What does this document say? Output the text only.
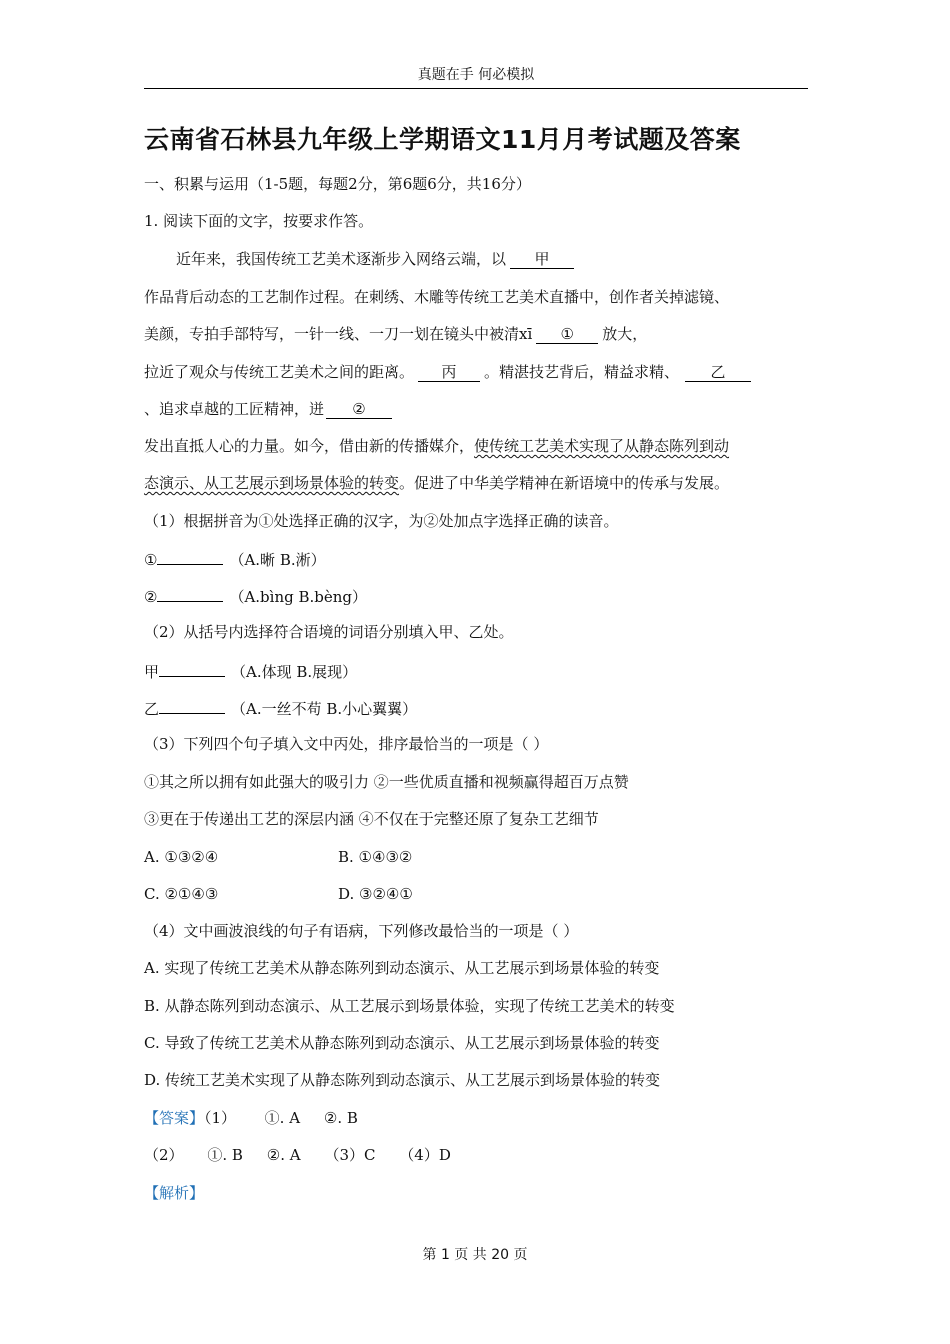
真题在手 何必模拟
云南省石林县九年级上学期语文11月月考试题及答案
一、积累与运用（1-5题，每题2分，第6题6分，共16分）
1. 阅读下面的文字，按要求作答。
近年来，我国传统工艺美术逐渐步入网络云端，以 甲
作品背后动态的工艺制作过程。在刺绣、木雕等传统工艺美术直播中，创作者关掉滤镜、
美颜，专拍手部特写，一针一线、一刀一划在镜头中被清xī ① 放大，
拉近了观众与传统工艺美术之间的距离。 丙 。精湛技艺背后，精益求精、 乙
、追求卓越的工匠精神，迸 ②
发出直抵人心的力量。如今，借由新的传播媒介，使传统工艺美术实现了从静态陈列到动
态演示、从工艺展示到场景体验的转变。促进了中华美学精神在新语境中的传承与发展。
（1）根据拼音为①处选择正确的汉字，为②处加点字选择正确的读音。
①	（A.晰 B.淅）
②	（A.bìng B.bèng）
（2）从括号内选择符合语境的词语分别填入甲、乙处。
甲	（A.体现 B.展现）
乙	（A.一丝不苟 B.小心翼翼）
（3）下列四个句子填入文中丙处，排序最恰当的一项是（ ）
①其之所以拥有如此强大的吸引力 ②一些优质直播和视频赢得超百万点赞
③更在于传递出工艺的深层内涵 ④不仅在于完整还原了复杂工艺细节
A. ①③②④	B. ①④③②
C. ②①④③	D. ③②④①
（4）文中画波浪线的句子有语病，下列修改最恰当的一项是（ ）
A. 实现了传统工艺美术从静态陈列到动态演示、从工艺展示到场景体验的转变
B. 从静态陈列到动态演示、从工艺展示到场景体验，实现了传统工艺美术的转变
C. 导致了传统工艺美术从静态陈列到动态演示、从工艺展示到场景体验的转变
D. 传统工艺美术实现了从静态陈列到动态演示、从工艺展示到场景体验的转变
【答案】（1）      ①. A     ②. B
（2）     ①. B     ②. A     （3）C     （4）D
【解析】
第 1 页 共 20 页
